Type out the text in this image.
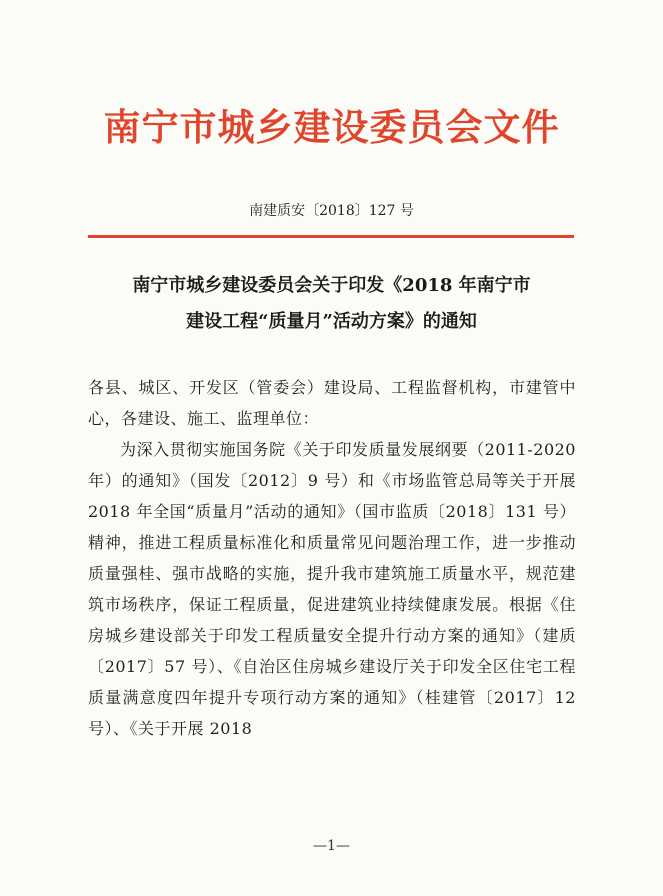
南宁市城乡建设委员会文件
南建质安〔2018〕127 号
南宁市城乡建设委员会关于印发《2018 年南宁市
建设工程“质量月”活动方案》的通知

各县、城区、开发区（管委会）建设局、工程监督机构，市建管中心，各建设、施工、监理单位：

为深入贯彻实施国务院《关于印发质量发展纲要（2011-2020 年）的通知》（国发〔2012〕9 号）和《市场监管总局等关于开展 2018 年全国“质量月”活动的通知》（国市监质〔2018〕131 号）精神，推进工程质量标准化和质量常见问题治理工作，进一步推动质量强桂、强市战略的实施，提升我市建筑施工质量水平，规范建筑市场秩序，保证工程质量，促进建筑业持续健康发展。根据《住房城乡建设部关于印发工程质量安全提升行动方案的通知》（建质〔2017〕57 号）、《自治区住房城乡建设厅关于印发全区住宅工程质量满意度四年提升专项行动方案的通知》（桂建管〔2017〕12 号）、《关于开展 2018

—1—
